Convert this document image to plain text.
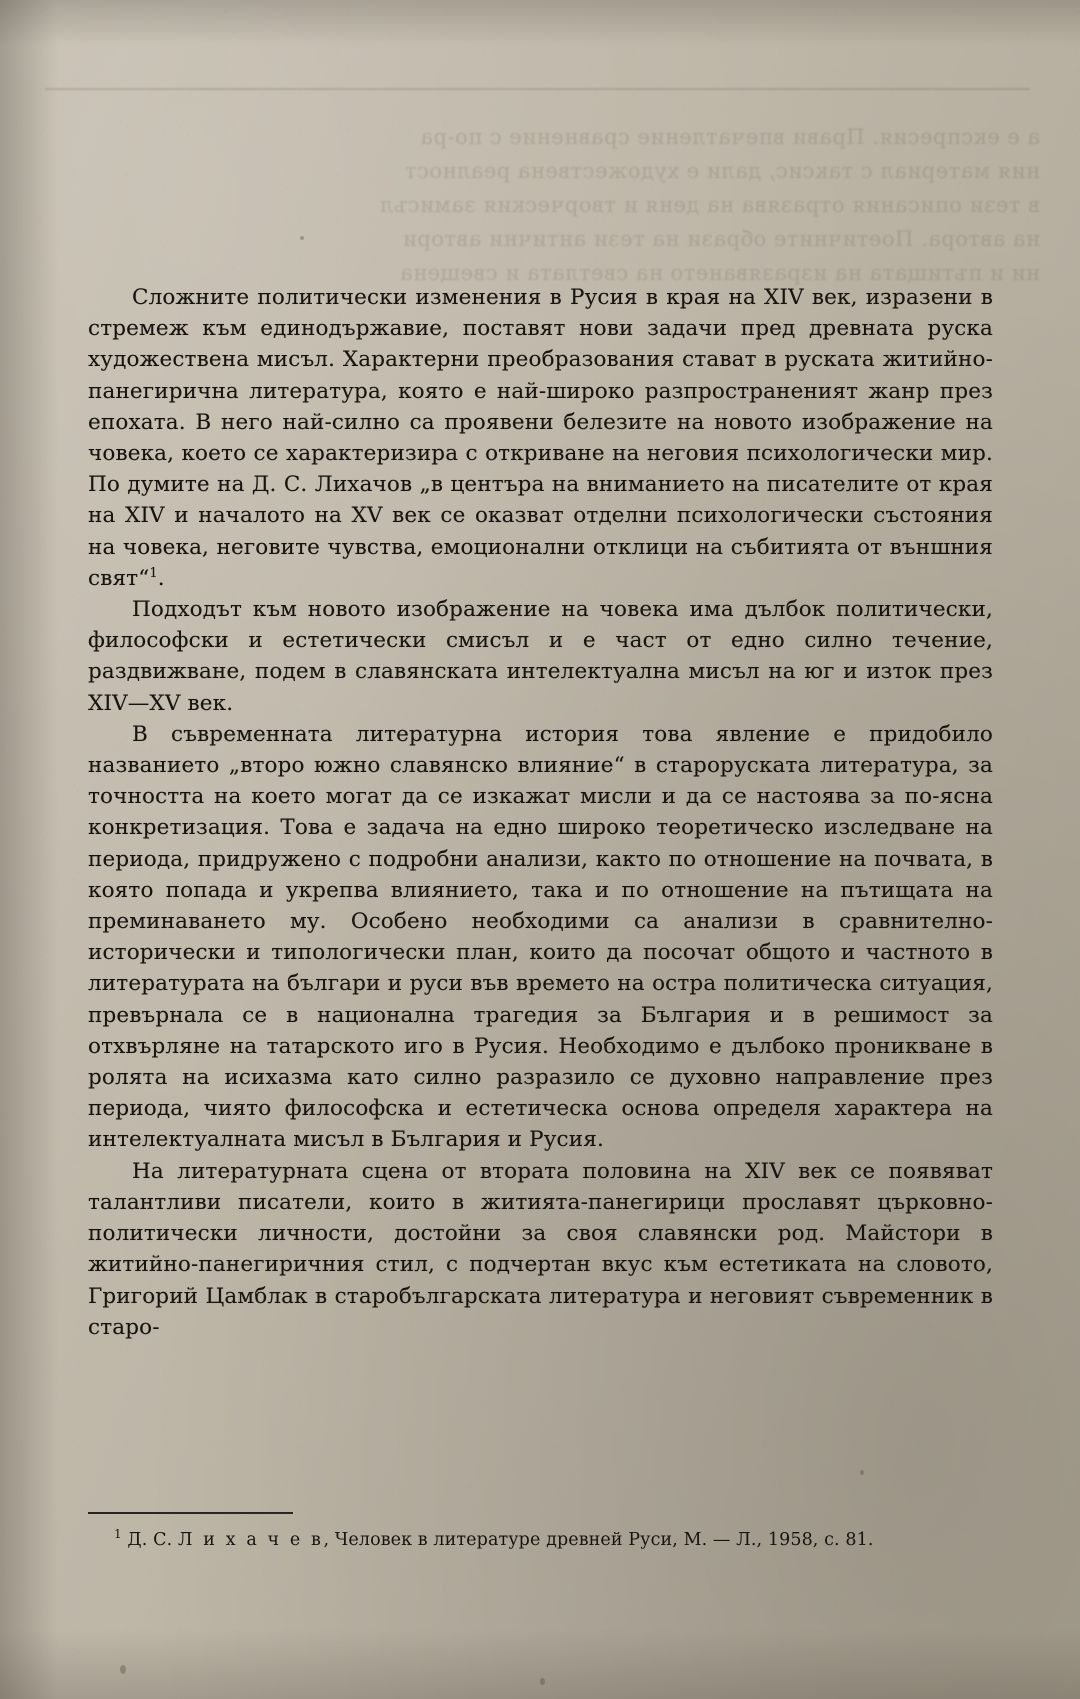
а е експресия. Прави впечатление сравнение с по-ра
ния материал с таксис, дали е художествена реалност
в тези описания отразява на деня и творческия замисъл
на автора. Поетичните образи на тези антични автори
ни и пътищата на изразяването на светлата и свещена

Сложните политически изменения в Русия в края на XIV век, изразени в стремеж към единодържавие, поставят нови задачи пред древната руска художествена мисъл. Характерни преобразования стават в руската житийно-панегирична литература, която е най-широко разпространеният жанр през епохата. В него най-силно са проявени белезите на новото изображение на човека, което се характеризира с откриване на неговия психологически мир. По думите на Д. С. Лихачов „в центъра на вниманието на писателите от края на XIV и началото на XV век се оказват отделни психологически състояния на човека, неговите чувства, емоционални отклици на събитията от външния свят“$^1$.

Подходът към новото изображение на човека има дълбок политически, философски и естетически смисъл и е част от едно силно течение, раздвижване, подем в славянската интелектуална мисъл на юг и изток през XIV—XV век.

В съвременната литературна история това явление е придобило названието „второ южно славянско влияние“ в староруската литература, за точността на което могат да се изкажат мисли и да се настоява за по-ясна конкретизация. Това е задача на едно широко теоретическо изследване на периода, придружено с подробни анализи, както по отношение на почвата, в която попада и укрепва влиянието, така и по отношение на пътищата на преминаването му. Особено необходими са анализи в сравнително-исторически и типологически план, които да посочат общото и частното в литературата на българи и руси във времето на остра политическа ситуация, превърнала се в национална трагедия за България и в решимост за отхвърляне на татарското иго в Русия. Необходимо е дълбоко проникване в ролята на исихазма като силно разразило се духовно направление през периода, чиято философска и естетическа основа определя характера на интелектуалната мисъл в България и Русия.

На литературната сцена от втората половина на XIV век се появяват талантливи писатели, които в житията-панегирици прославят църковно-политически личности, достойни за своя славянски род. Майстори в житийно-панегиричния стил, с подчертан вкус към естетиката на словото, Григорий Цамблак в старобългарската литература и неговият съвременник в старо-

$^1$ Д. С. Л и х а ч е в, Человек в литературе древней Руси, М. — Л., 1958, с. 81.
